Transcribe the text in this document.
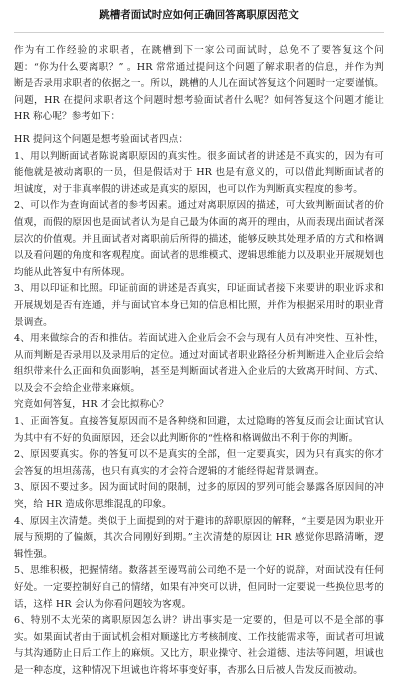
跳槽者面试时应如何正确回答离职原因范文

作为有工作经验的求职者，在跳槽到下一家公司面试时，总免不了要答复这个问题：“你为什么要离职？” 。HR 常常通过提问这个问题了解求职者的信息，并作为判断是否录用求职者的依据之一。所以，跳槽的人儿在面试答复这个问题时一定要谨慎。问题，HR 在提问求职者这个问题时想考验面试者什么呢？如何答复这个问题才能让 HR 称心呢？参考如下：

HR 提问这个问题是想考验面试者四点：

1、用以判断面试者陈说离职原因的真实性。很多面试者的讲述是不真实的，因为有可能他就是被动离职的一员，但是假话对于 HR 也是有意义的，可以借此判断面试者的坦诚度，对于非真率假的讲述或是真实的原因，也可以作为判断真实程度的参考。

2、可以作为查询面试者的参考因素。通过对离职原因的描述，可大致判断面试者的价值观，而假的原因也是面试者认为是自己最为体面的离开的理由，从而表现出面试者深层次的价值观。并且面试者对离职前后所得的描述，能够反映其处理矛盾的方式和格调以及看问题的角度和客观程度。面试者的思维模式、逻辑思维能力以及职业开展规划也均能从此答复中有所体现。

3、用以印证和比照。印证前面的讲述是否真实，印证面试者接下来要讲的职业诉求和开展规划是否有连通，并与面试官本身已知的信息相比照，并作为根据采用时的职业背景调查。

4、用来做综合的否和推估。若面试进入企业后会不会与现有人员有冲突性、互补性，从而判断是否录用以及录用后的定位。通过对面试者职业路径分析判断进入企业后会给组织带来什么正面和负面影响，甚至是判断面试者进入企业后的大致离开时间、方式、以及会不会给企业带来麻烦。

究竟如何答复，HR 才会比拟称心？

1、正面答复。直接答复原因而不是各种绕和回避，太过隐晦的答复反而会让面试官认为其中有不好的负面原因，还会以此判断你的“性格和格调做出不利于你的判断。

2、原因要真实。你的答复可以不是真实的全部，但一定要真实，因为只有真实的你才会答复的坦坦荡荡，也只有真实的才会符合逻辑的才能经得起背景调查。

3、原因不要过多。因为面试时间的限制，过多的原因的罗列可能会暴露各原因间的冲突，给 HR 造成你思维混乱的印象。

4、原因主次清楚。类似于上面提到的对于避讳的辞职原因的解释，“主要是因为职业开展与预期的了偏颇，其次合同刚好到期。”主次清楚的原因让 HR 感觉你思路清晰，逻辑性强。

5、思维积极，把握情绪。数落甚至谩骂前公司绝不是一个好的说辞，对面试没有任何好处。一定要控制好自己的情绪，如果有冲突可以讲，但同时一定要说一些换位思考的话，这样 HR 会认为你看问题较为客观。

6、特别不太光荣的离职原因怎么讲？讲出事实是一定要的，但是可以不是全部的事实。如果面试者由于面试机会相对顺遂比方考核制度、工作技能需求等，面试者可坦诚与其沟通防止日后工作上的麻烦。又比方，职业操守、社会道德、违法等问题，坦诚也是一种态度，这种情况下坦诚也许将坏事变好事，杏那么日后被人告发反而被动。
